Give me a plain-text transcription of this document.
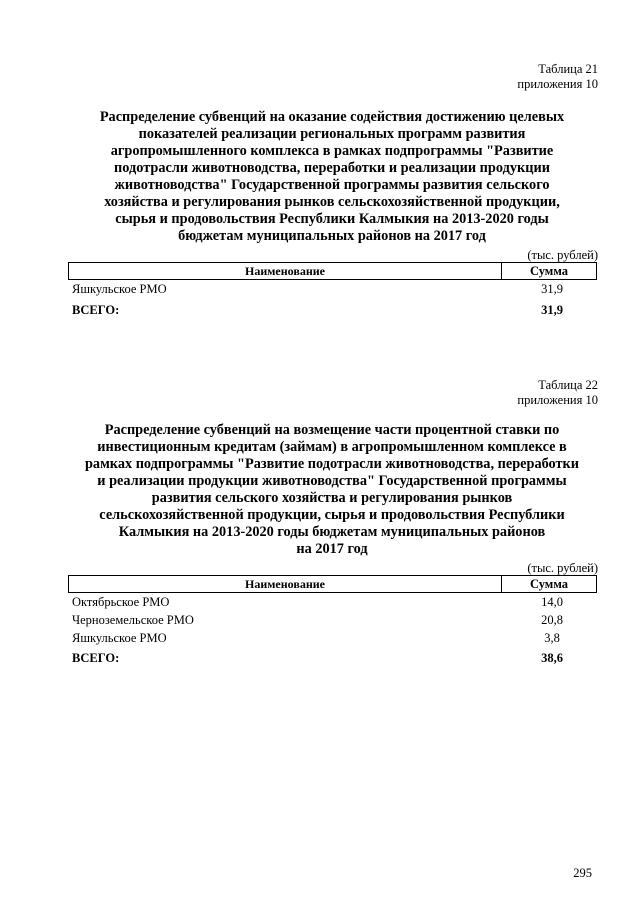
Таблица 21
приложения 10
Распределение субвенций на оказание содействия достижению целевых
показателей реализации региональных программ развития
агропромышленного комплекса в рамках подпрограммы "Развитие
подотрасли животноводства, переработки и реализации продукции
животноводства" Государственной программы развития сельского
хозяйства и регулирования рынков сельскохозяйственной продукции,
сырья и продовольствия Республики Калмыкия на 2013-2020 годы
бюджетам муниципальных районов на 2017 год
(тыс. рублей)
Наименование	Сумма
Яшкульское РМО	31,9
ВСЕГО:	31,9
Таблица 22
приложения 10
Распределение субвенций на возмещение части процентной ставки по
инвестиционным кредитам (займам) в агропромышленном комплексе в
рамках подпрограммы "Развитие подотрасли животноводства, переработки
и реализации продукции животноводства" Государственной программы
развития сельского хозяйства и регулирования рынков
сельскохозяйственной продукции, сырья и продовольствия Республики
Калмыкия на 2013-2020 годы бюджетам муниципальных районов
на 2017 год
(тыс. рублей)
Наименование	Сумма
Октябрьское РМО	14,0
Черноземельское РМО	20,8
Яшкульское РМО	3,8
ВСЕГО:	38,6
295
